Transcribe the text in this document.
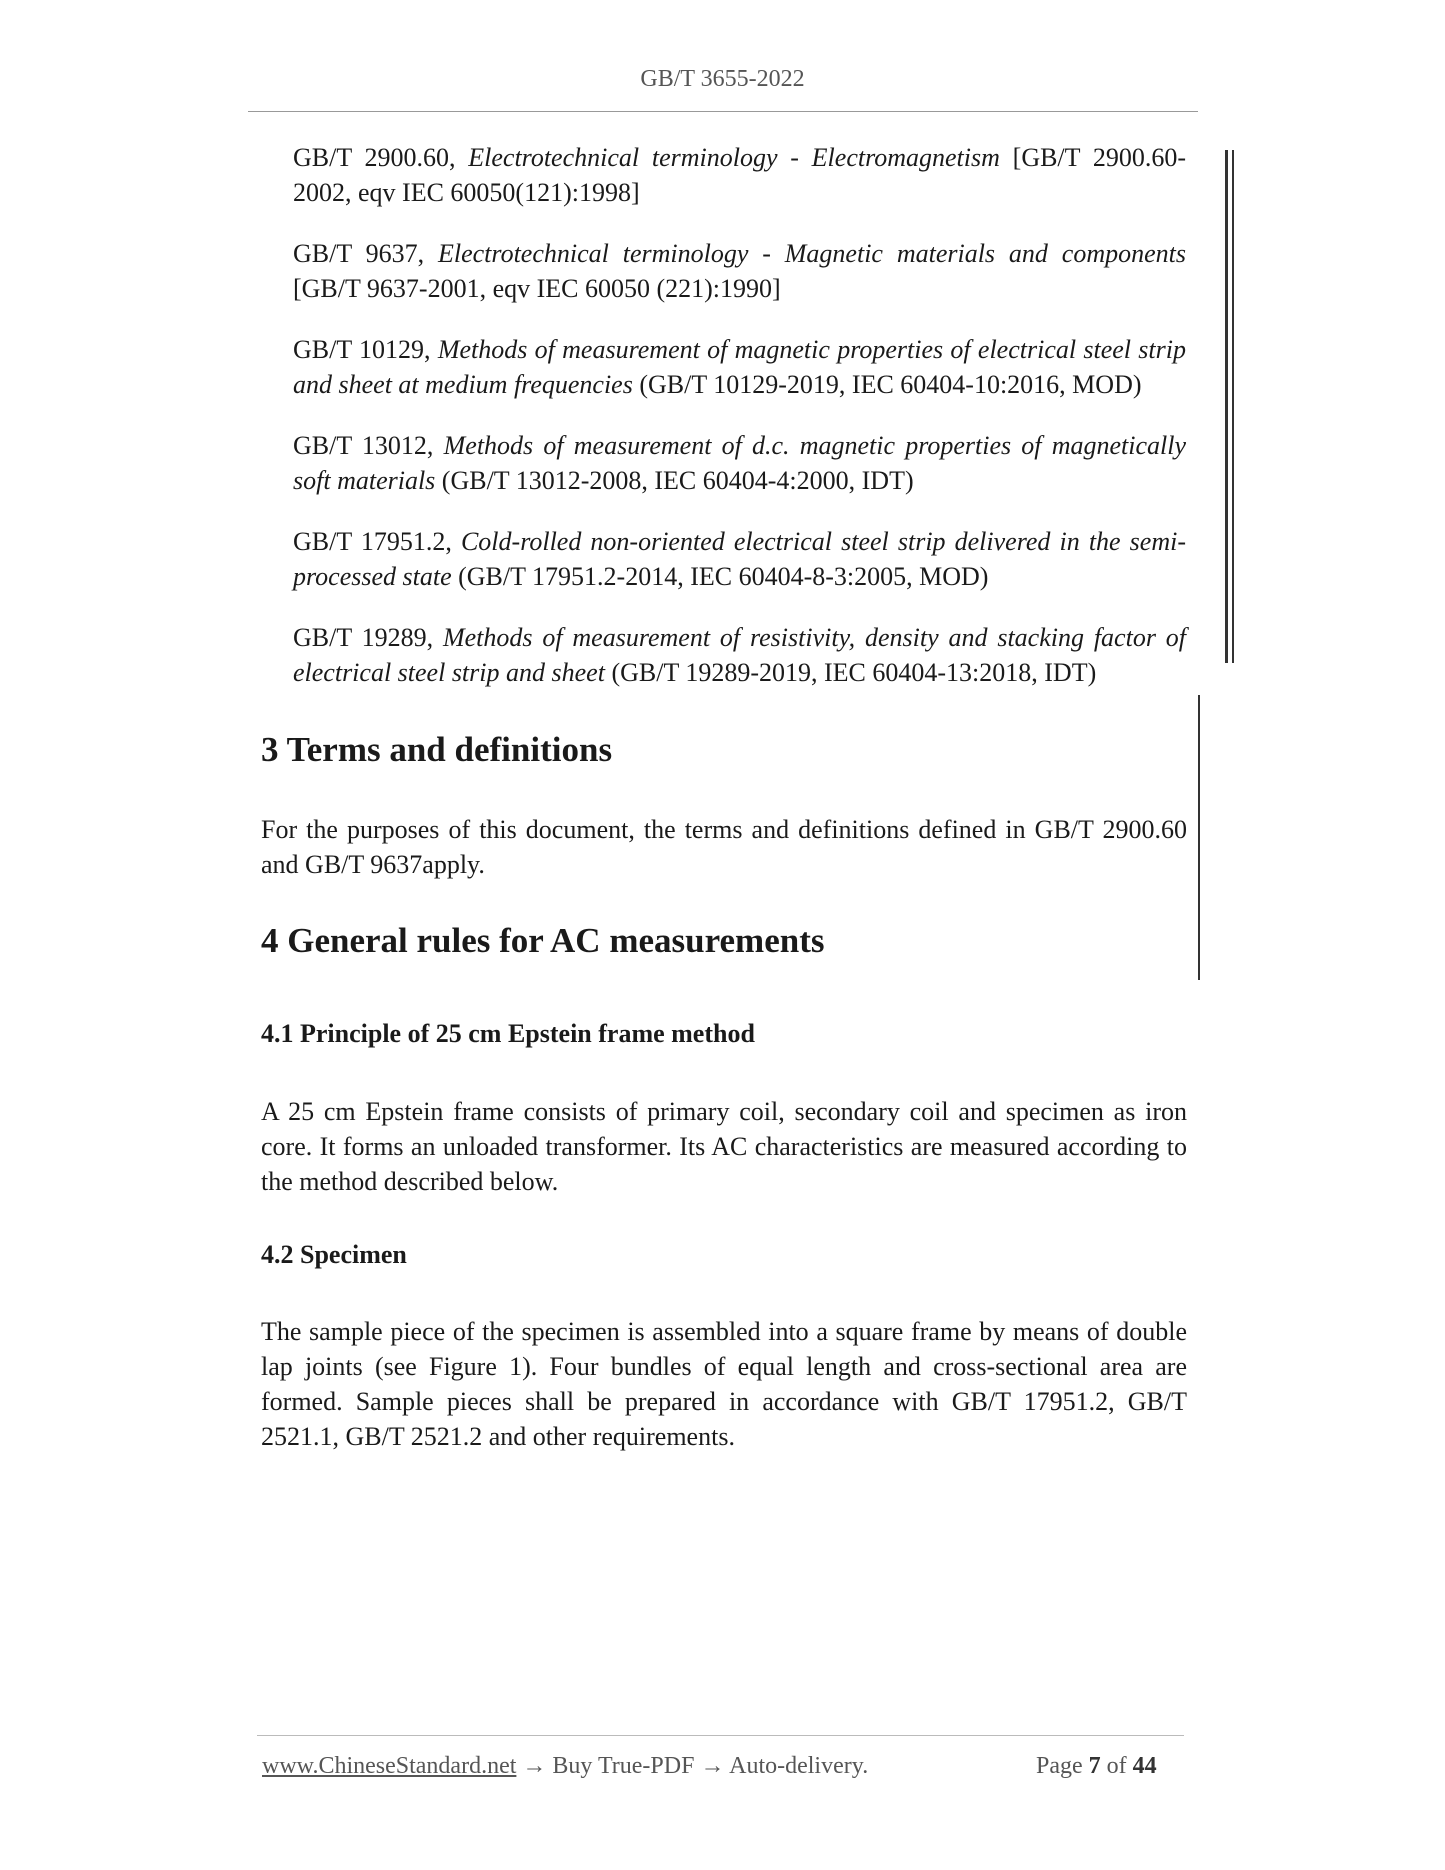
GB/T 3655-2022
GB/T 2900.60, Electrotechnical terminology - Electromagnetism [GB/T 2900.60-2002, eqv IEC 60050(121):1998]
GB/T 9637, Electrotechnical terminology - Magnetic materials and components [GB/T 9637-2001, eqv IEC 60050 (221):1990]
GB/T 10129, Methods of measurement of magnetic properties of electrical steel strip and sheet at medium frequencies (GB/T 10129-2019, IEC 60404-10:2016, MOD)
GB/T 13012, Methods of measurement of d.c. magnetic properties of magnetically soft materials (GB/T 13012-2008, IEC 60404-4:2000, IDT)
GB/T 17951.2, Cold-rolled non-oriented electrical steel strip delivered in the semi-processed state (GB/T 17951.2-2014, IEC 60404-8-3:2005, MOD)
GB/T 19289, Methods of measurement of resistivity, density and stacking factor of electrical steel strip and sheet (GB/T 19289-2019, IEC 60404-13:2018, IDT)
3 Terms and definitions
For the purposes of this document, the terms and definitions defined in GB/T 2900.60 and GB/T 9637apply.
4 General rules for AC measurements
4.1 Principle of 25 cm Epstein frame method
A 25 cm Epstein frame consists of primary coil, secondary coil and specimen as iron core. It forms an unloaded transformer. Its AC characteristics are measured according to the method described below.
4.2 Specimen
The sample piece of the specimen is assembled into a square frame by means of double lap joints (see Figure 1). Four bundles of equal length and cross-sectional area are formed. Sample pieces shall be prepared in accordance with GB/T 17951.2, GB/T 2521.1, GB/T 2521.2 and other requirements.
www.ChineseStandard.net → Buy True-PDF → Auto-delivery.	Page 7 of 44
